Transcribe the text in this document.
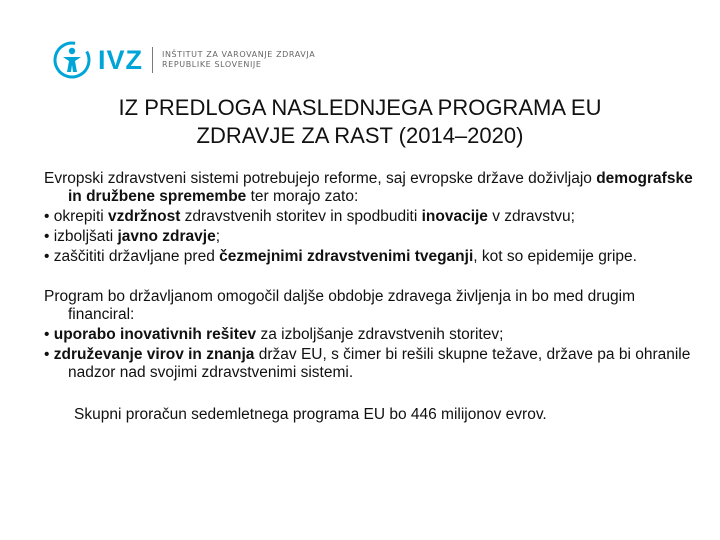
IVZ INŠTITUT ZA VAROVANJE ZDRAVJA
REPUBLIKE SLOVENIJE
IZ PREDLOGA NASLEDNJEGA PROGRAMA EU
ZDRAVJE ZA RAST (2014–2020)

Evropski zdravstveni sistemi potrebujejo reforme, saj evropske države doživljajo demografske in družbene spremembe ter morajo zato:

• okrepiti vzdržnost zdravstvenih storitev in spodbuditi inovacije v zdravstvu;

• izboljšati javno zdravje;

• zaščititi državljane pred čezmejnimi zdravstvenimi tveganji, kot so epidemije gripe.

Program bo državljanom omogočil daljše obdobje zdravega življenja in bo med drugim financiral:

• uporabo inovativnih rešitev za izboljšanje zdravstvenih storitev;

• združevanje virov in znanja držav EU, s čimer bi rešili skupne težave, države pa bi ohranile nadzor nad svojimi zdravstvenimi sistemi.

Skupni proračun sedemletnega programa EU bo 446 milijonov evrov.
